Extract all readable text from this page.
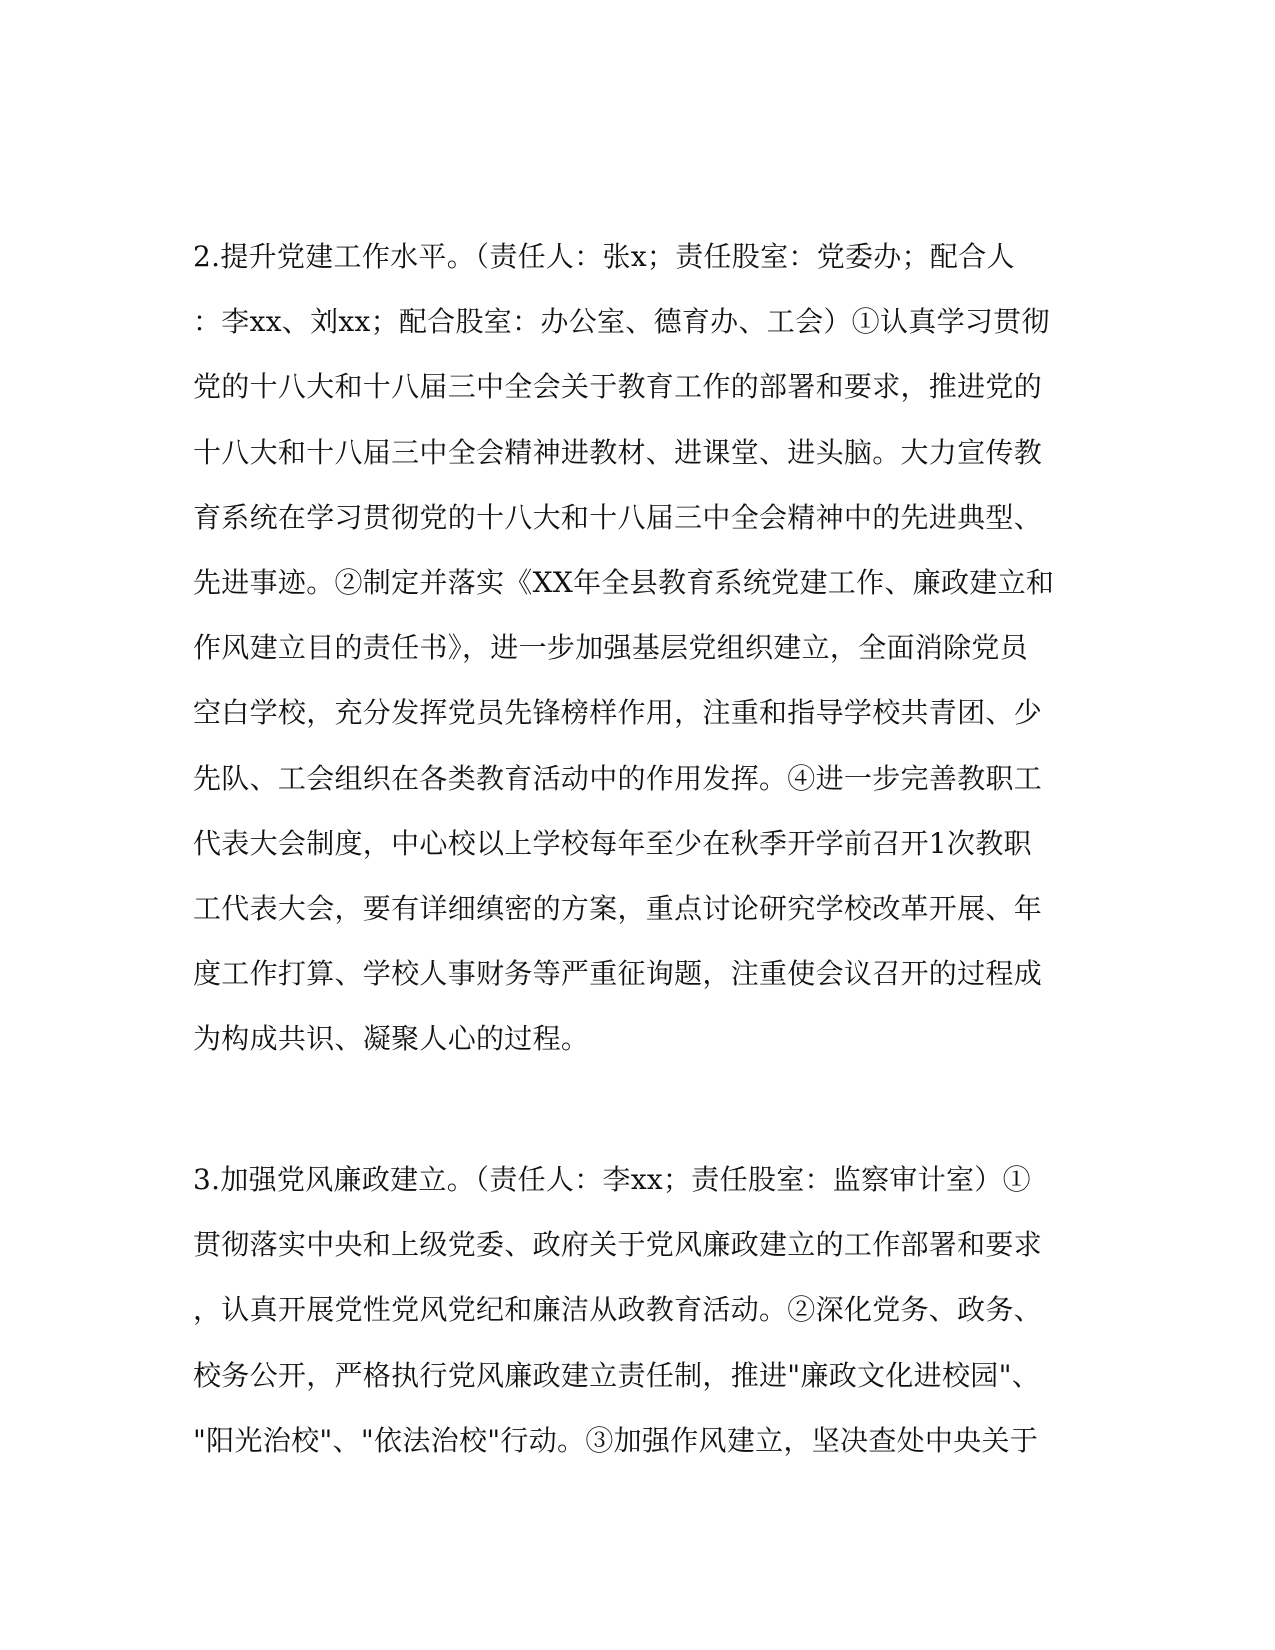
2.提升党建工作水平。（责任人：张x；责任股室：党委办；配合人
：李xx、刘xx；配合股室：办公室、德育办、工会）①认真学习贯彻
党的十八大和十八届三中全会关于教育工作的部署和要求，推进党的
十八大和十八届三中全会精神进教材、进课堂、进头脑。大力宣传教
育系统在学习贯彻党的十八大和十八届三中全会精神中的先进典型、
先进事迹。②制定并落实《XX年全县教育系统党建工作、廉政建立和
作风建立目的责任书》，进一步加强基层党组织建立，全面消除党员
空白学校，充分发挥党员先锋榜样作用，注重和指导学校共青团、少
先队、工会组织在各类教育活动中的作用发挥。④进一步完善教职工
代表大会制度，中心校以上学校每年至少在秋季开学前召开1次教职
工代表大会，要有详细缜密的方案，重点讨论研究学校改革开展、年
度工作打算、学校人事财务等严重征询题，注重使会议召开的过程成
为构成共识、凝聚人心的过程。
3.加强党风廉政建立。（责任人：李xx；责任股室：监察审计室）①
贯彻落实中央和上级党委、政府关于党风廉政建立的工作部署和要求
，认真开展党性党风党纪和廉洁从政教育活动。②深化党务、政务、
校务公开，严格执行党风廉政建立责任制，推进"廉政文化进校园"、
"阳光治校"、"依法治校"行动。③加强作风建立，坚决查处中央关于
